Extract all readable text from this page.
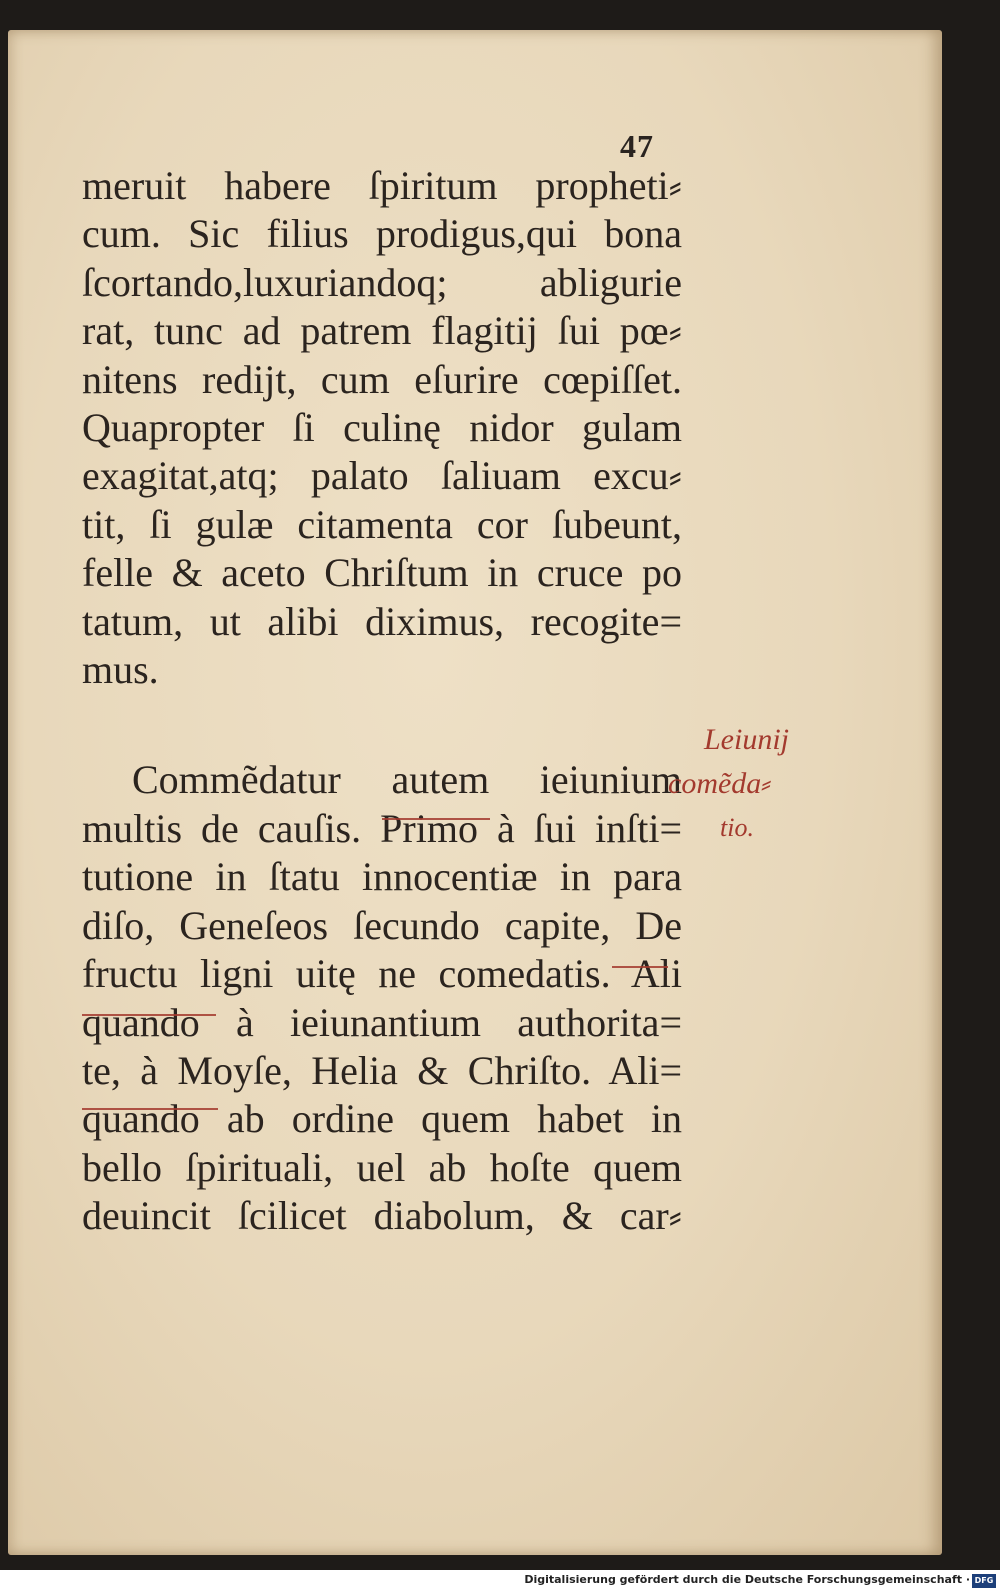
47
meruit habere ſpiritum propheti⸗
cum. Sic filius prodigus,qui bona
ſcortando,luxuriandoq; abligurie
rat, tunc ad patrem flagitij ſui pœ⸗
nitens redijt, cum eſurire cœpiſſet.
Quapropter ſi culinę nidor gulam
exagitat,atq; palato ſaliuam excu⸗
tit, ſi gulæ citamenta cor ſubeunt,
felle & aceto Chriſtum in cruce po
tatum, ut alibi diximus, recogite=
mus.
Commẽdatur autem ieiunium
multis de cauſis. Primo à ſui inſti=
tutione in ſtatu innocentiæ in para
diſo, Geneſeos ſecundo capite, De
fructu ligni uitę ne comedatis. Ali
quando à ieiunantium authorita=
te, à Moyſe, Helia & Chriſto. Ali=
quando ab ordine quem habet in
bello ſpirituali, uel ab hoſte quem
deuincit ſcilicet diabolum, & car⸗
Leiunij
comẽda⸗
tio.
Digitalisierung gefördert durch die Deutsche Forschungsgemeinschaft · DFG
